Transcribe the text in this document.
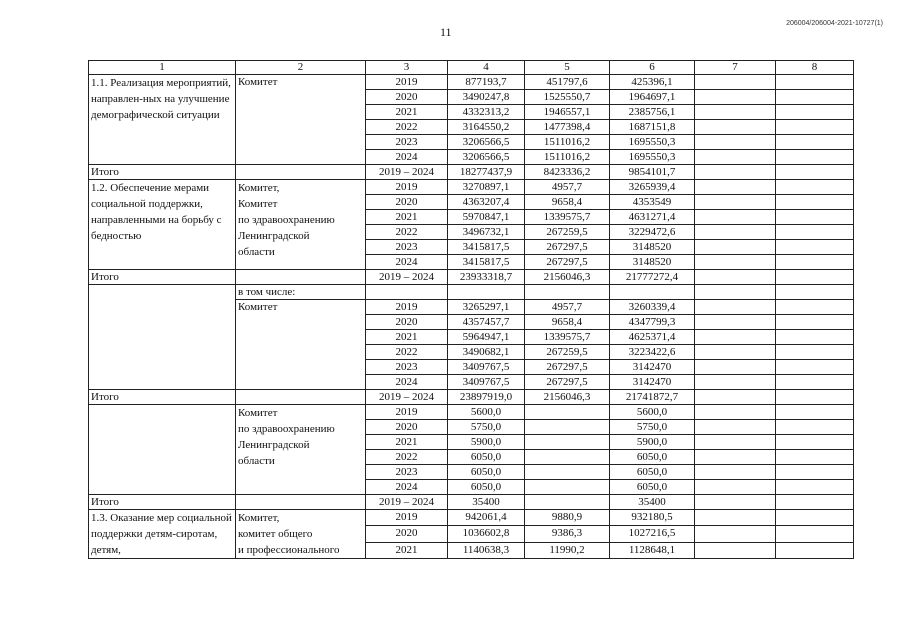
11
206004/206004-2021-10727(1)
1	2	3	4	5	6	7	8
1.1. Реализация мероприятий, направлен-ных на улучшение демографической ситуации	Комитет	2019	877193,7	451797,6	425396,1		
		2020	3490247,8	1525550,7	1964697,1		
		2021	4332313,2	1946557,1	2385756,1		
		2022	3164550,2	1477398,4	1687151,8		
		2023	3206566,5	1511016,2	1695550,3		
		2024	3206566,5	1511016,2	1695550,3		
Итого		2019 – 2024	18277437,9	8423336,2	9854101,7		
1.2. Обеспечение мерами социальной поддержки, направленными на борьбу с бедностью	Комитет,
Комитет
по здравоохранению
Ленинградской
области	2019	3270897,1	4957,7	3265939,4		
		2020	4363207,4	9658,4	4353549		
		2021	5970847,1	1339575,7	4631271,4		
		2022	3496732,1	267259,5	3229472,6		
		2023	3415817,5	267297,5	3148520		
		2024	3415817,5	267297,5	3148520		
Итого		2019 – 2024	23933318,7	2156046,3	21777272,4		
	в том числе:						
	Комитет	2019	3265297,1	4957,7	3260339,4		
		2020	4357457,7	9658,4	4347799,3		
		2021	5964947,1	1339575,7	4625371,4		
		2022	3490682,1	267259,5	3223422,6		
		2023	3409767,5	267297,5	3142470		
		2024	3409767,5	267297,5	3142470		
Итого		2019 – 2024	23897919,0	2156046,3	21741872,7		

	Комитет
по здравоохранению
Ленинградской
области	2019	5600,0		5600,0		
		2020	5750,0		5750,0		
		2021	5900,0		5900,0		
		2022	6050,0		6050,0		
		2023	6050,0		6050,0		
		2024	6050,0		6050,0		
Итого		2019 – 2024	35400		35400		
1.3. Оказание мер социальной поддержки детям-сиротам, детям,	Комитет,
комитет общего
и профессионального	2019	942061,4	9880,9	932180,5		
		2020	1036602,8	9386,3	1027216,5		
		2021	1140638,3	11990,2	1128648,1		
